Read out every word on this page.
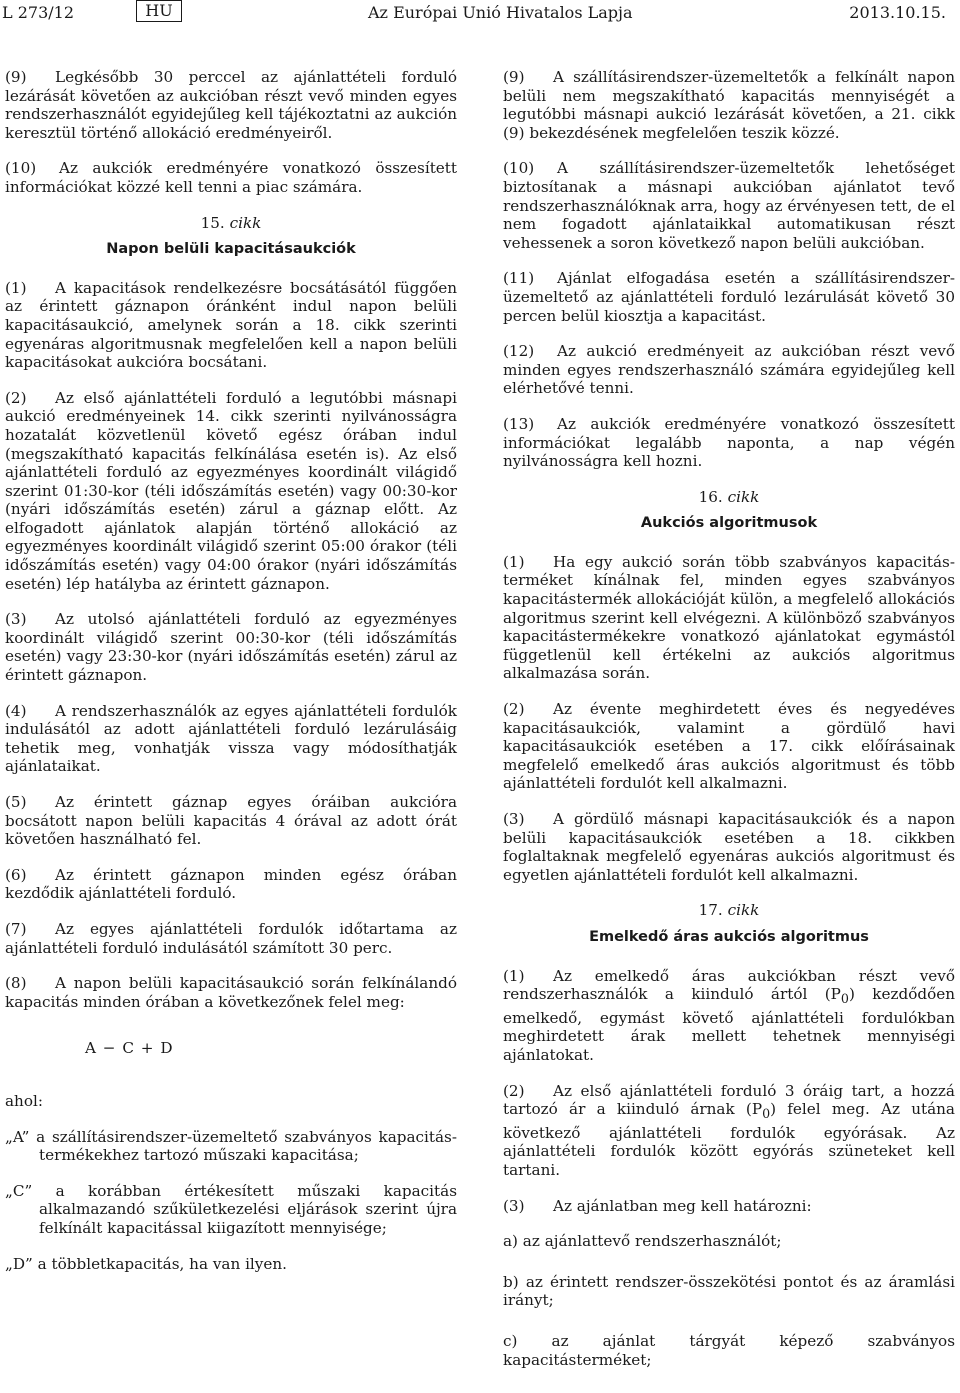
L 273/12	HU	Az Európai Unió Hivatalos Lapja	2013.10.15.

(9) Legkésőbb 30 perccel az ajánlattételi forduló lezárását követően az aukcióban részt vevő minden egyes rendszerhasználót egyidejűleg kell tájékoztatni az aukción keresztül történő allokáció eredményeiről.

(10) Az aukciók eredményére vonatkozó összesített információkat közzé kell tenni a piac számára.

15. cikk
Napon belüli kapacitásaukciók

(1) A kapacitások rendelkezésre bocsátásától függően az érintett gáznapon óránként indul napon belüli kapacitásaukció, amelynek során a 18. cikk szerinti egyenáras algoritmusnak megfelelően kell a napon belüli kapacitásokat aukcióra bocsátani.

(2) Az első ajánlattételi forduló a legutóbbi másnapi aukció eredményeinek 14. cikk szerinti nyilvánosságra hozatalát közvetlenül követő egész órában indul (megszakítható kapacitás felkínálása esetén is). Az első ajánlattételi forduló az egyezményes koordinált világidő szerint 01:30-kor (téli időszámítás esetén) vagy 00:30-kor (nyári időszámítás esetén) zárul a gáznap előtt. Az elfogadott ajánlatok alapján történő allokáció az egyezményes koordinált világidő szerint 05:00 órakor (téli időszámítás esetén) vagy 04:00 órakor (nyári időszámítás esetén) lép hatályba az érintett gáznapon.

(3) Az utolsó ajánlattételi forduló az egyezményes koordinált világidő szerint 00:30-kor (téli időszámítás esetén) vagy 23:30-kor (nyári időszámítás esetén) zárul az érintett gáznapon.

(4) A rendszerhasználók az egyes ajánlattételi fordulók indulásától az adott ajánlattételi forduló lezárulásáig tehetik meg, vonhatják vissza vagy módosíthatják ajánlataikat.

(5) Az érintett gáznap egyes óráiban aukcióra bocsátott napon belüli kapacitás 4 órával az adott órát követően használható fel.

(6) Az érintett gáznapon minden egész órában kezdődik ajánlattételi forduló.

(7) Az egyes ajánlattételi fordulók időtartama az ajánlattételi forduló indulásától számított 30 perc.

(8) A napon belüli kapacitásaukció során felkínálandó kapacitás minden órában a következőnek felel meg:

A − C + D

ahol:

„A” a szállításirendszer-üzemeltető szabványos kapacitástermékekhez tartozó műszaki kapacitása;

„C” a korábban értékesített műszaki kapacitás alkalmazandó szűkületkezelési eljárások szerint újra felkínált kapacitással kiigazított mennyisége;

„D” a többletkapacitás, ha van ilyen.

(9) A szállításirendszer-üzemeltetők a felkínált napon belüli nem megszakítható kapacitás mennyiségét a legutóbbi másnapi aukció lezárását követően, a 21. cikk (9) bekezdésének megfelelően teszik közzé.

(10) A szállításirendszer-üzemeltetők lehetőséget biztosítanak a másnapi aukcióban ajánlatot tevő rendszerhasználóknak arra, hogy az érvényesen tett, de el nem fogadott ajánlataikkal automatikusan részt vehessenek a soron következő napon belüli aukcióban.

(11) Ajánlat elfogadása esetén a szállításirendszer-üzemeltető az ajánlattételi forduló lezárulását követő 30 percen belül kiosztja a kapacitást.

(12) Az aukció eredményeit az aukcióban részt vevő minden egyes rendszerhasználó számára egyidejűleg kell elérhetővé tenni.

(13) Az aukciók eredményére vonatkozó összesített információkat legalább naponta, a nap végén nyilvánosságra kell hozni.

16. cikk
Aukciós algoritmusok

(1) Ha egy aukció során több szabványos kapacitásterméket kínálnak fel, minden egyes szabványos kapacitástermék allokációját külön, a megfelelő allokációs algoritmus szerint kell elvégezni. A különböző szabványos kapacitástermékekre vonatkozó ajánlatokat egymástól függetlenül kell értékelni az aukciós algoritmus alkalmazása során.

(2) Az évente meghirdetett éves és negyedéves kapacitásaukciók, valamint a gördülő havi kapacitásaukciók esetében a 17. cikk előírásainak megfelelő emelkedő áras aukciós algoritmust és több ajánlattételi fordulót kell alkalmazni.

(3) A gördülő másnapi kapacitásaukciók és a napon belüli kapacitásaukciók esetében a 18. cikkben foglaltaknak megfelelő egyenáras aukciós algoritmust és egyetlen ajánlattételi fordulót kell alkalmazni.

17. cikk
Emelkedő áras aukciós algoritmus

(1) Az emelkedő áras aukciókban részt vevő rendszerhasználók a kiinduló ártól $(P_0)$ kezdődően emelkedő, egymást követő ajánlattételi fordulókban meghirdetett árak mellett tehetnek mennyiségi ajánlatokat.

(2) Az első ajánlattételi forduló 3 óráig tart, a hozzá tartozó ár a kiinduló árnak $(P_0)$ felel meg. Az utána következő ajánlattételi fordulók egyórásak. Az ajánlattételi fordulók között egyórás szüneteket kell tartani.

(3) Az ajánlatban meg kell határozni:

a) az ajánlattevő rendszerhasználót;

b) az érintett rendszer-összekötési pontot és az áramlási irányt;

c) az ajánlat tárgyát képező szabványos kapacitásterméket;
